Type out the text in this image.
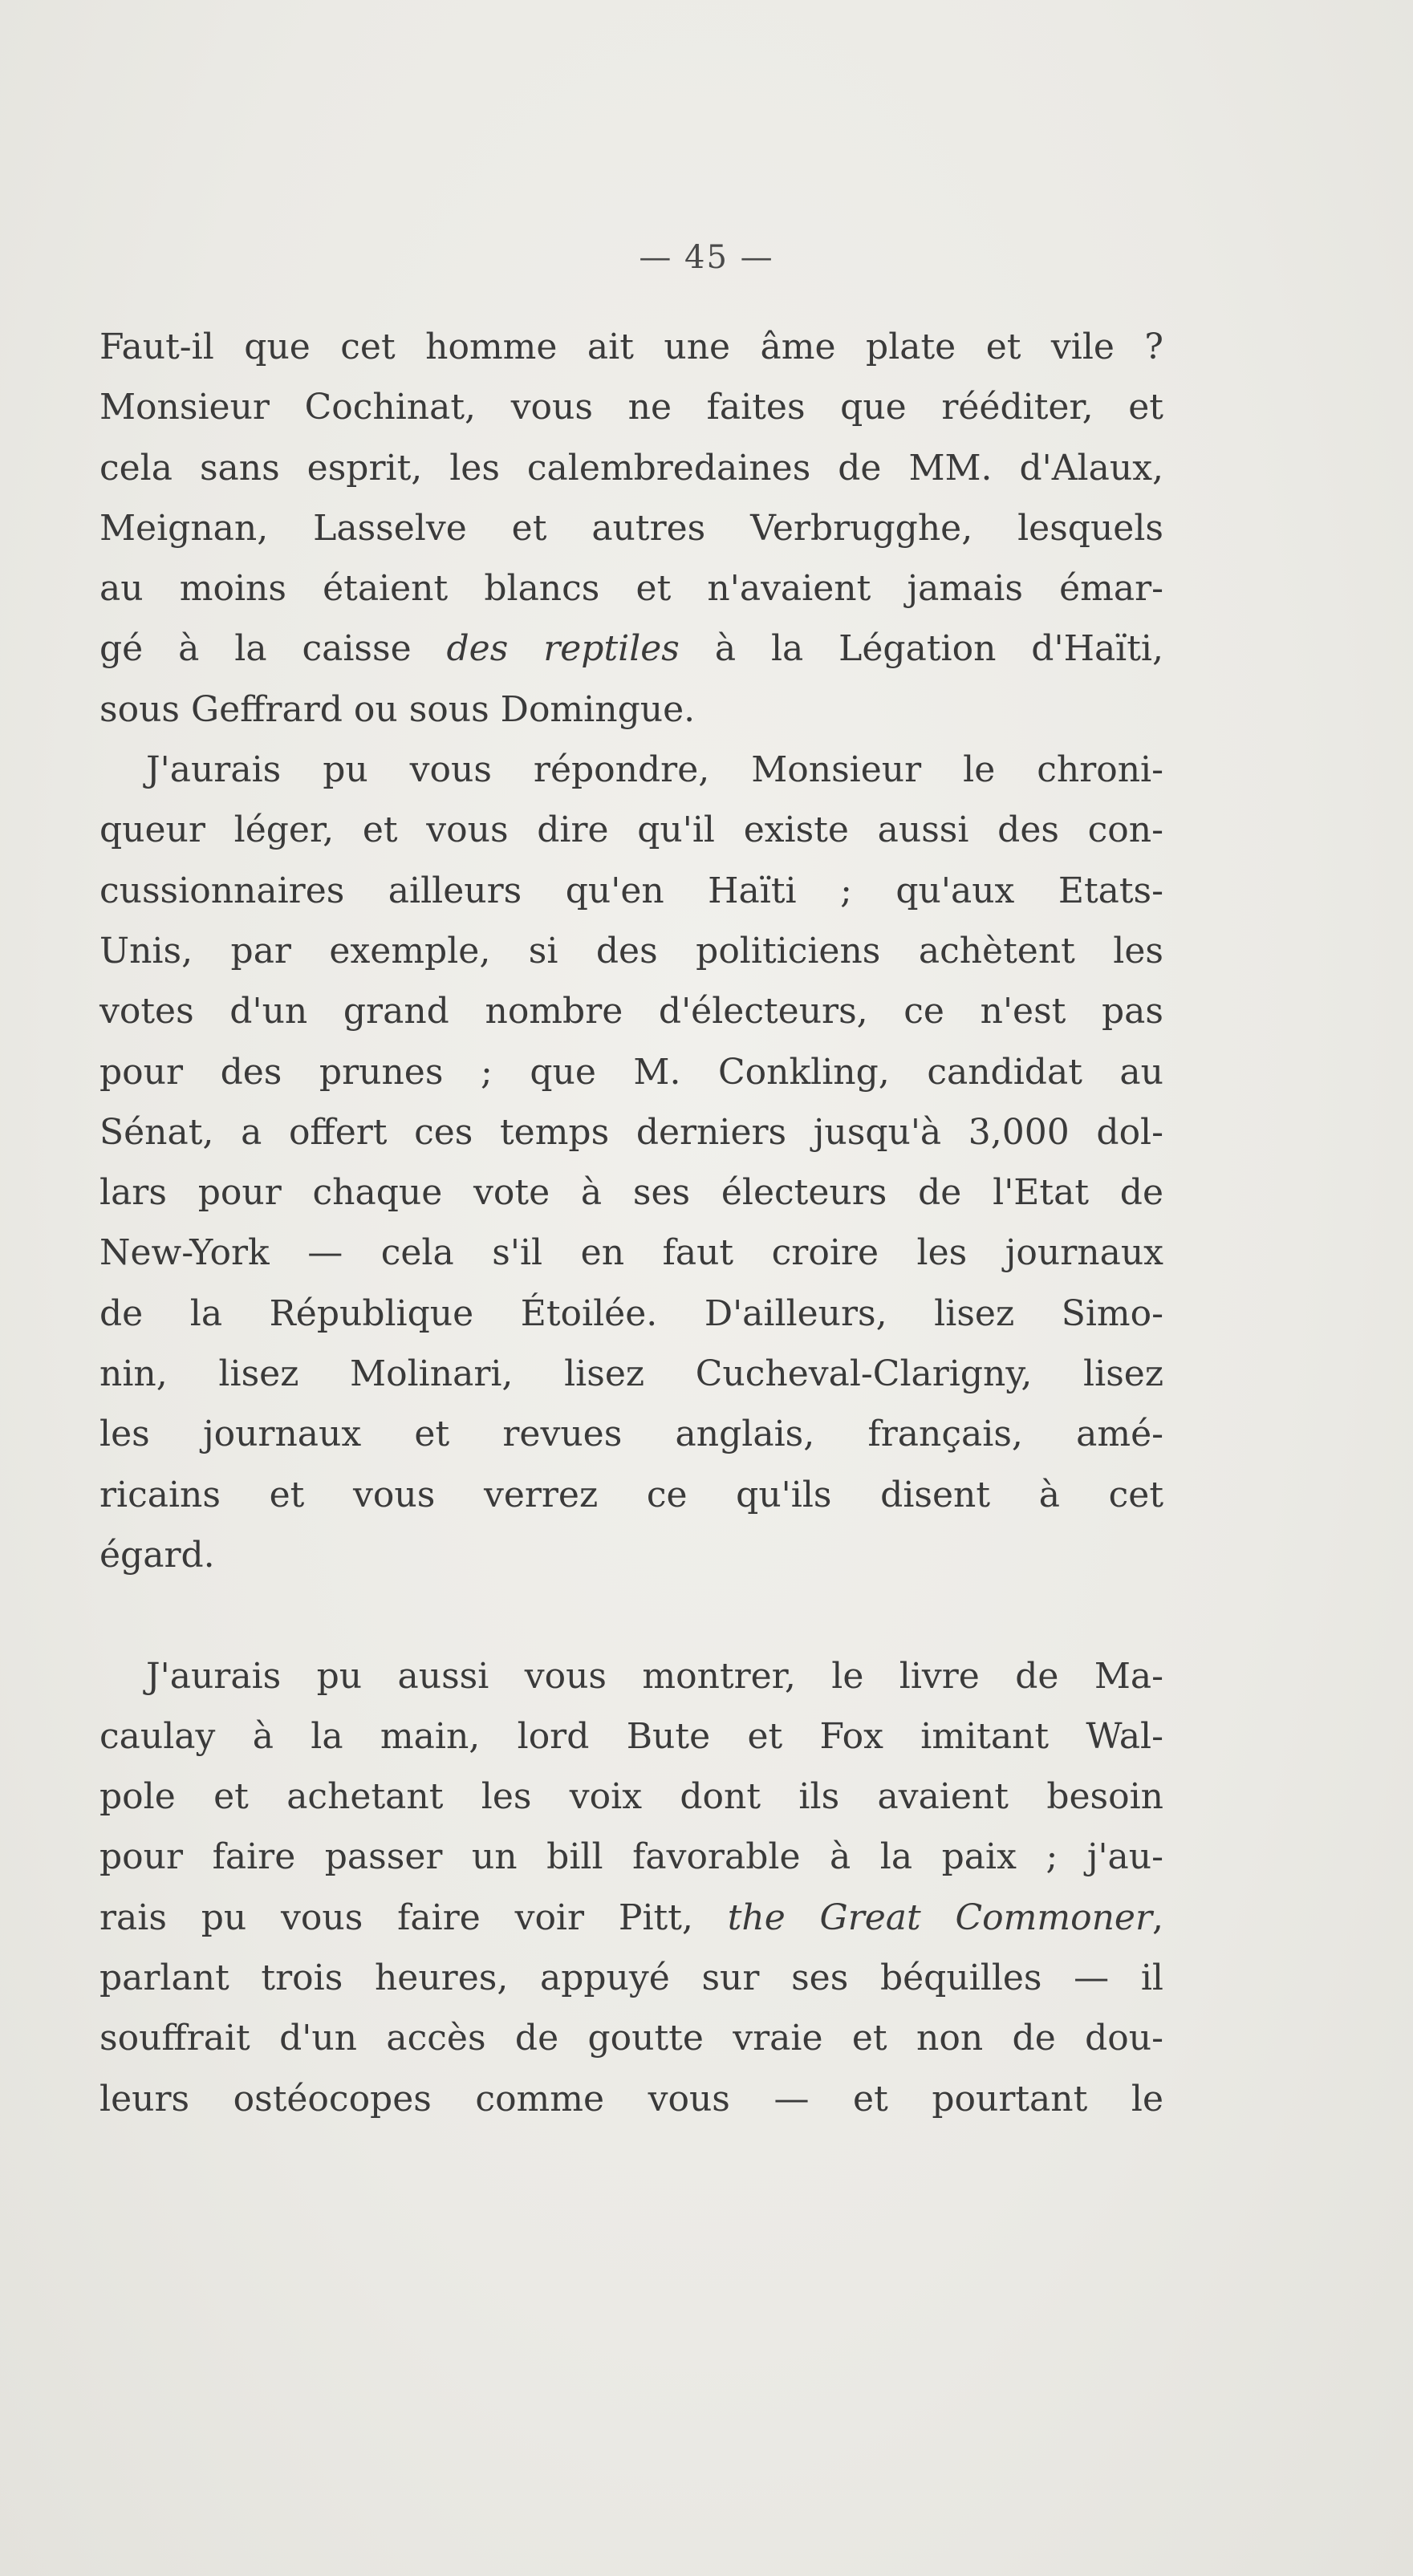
— 45 —
Faut-il que cet homme ait une âme plate et vile ?
Monsieur Cochinat, vous ne faites que rééditer, et
cela sans esprit, les calembredaines de MM. d'Alaux,
Meignan, Lasselve et autres Verbrugghe, lesquels
au moins étaient blancs et n'avaient jamais émar-
gé à la caisse des reptiles à la Légation d'Haïti,
sous Geffrard ou sous Domingue.
J'aurais pu vous répondre, Monsieur le chroni-
queur léger, et vous dire qu'il existe aussi des con-
cussionnaires ailleurs qu'en Haïti ; qu'aux Etats-
Unis, par exemple, si des politiciens achètent les
votes d'un grand nombre d'électeurs, ce n'est pas
pour des prunes ; que M. Conkling, candidat au
Sénat, a offert ces temps derniers jusqu'à 3,000 dol-
lars pour chaque vote à ses électeurs de l'Etat de
New-York — cela s'il en faut croire les journaux
de la République Étoilée. D'ailleurs, lisez Simo-
nin, lisez Molinari, lisez Cucheval-Clarigny, lisez
les journaux et revues anglais, français, amé-
ricains et vous verrez ce qu'ils disent à cet
égard.
J'aurais pu aussi vous montrer, le livre de Ma-
caulay à la main, lord Bute et Fox imitant Wal-
pole et achetant les voix dont ils avaient besoin
pour faire passer un bill favorable à la paix ; j'au-
rais pu vous faire voir Pitt, the Great Commoner,
parlant trois heures, appuyé sur ses béquilles — il
souffrait d'un accès de goutte vraie et non de dou-
leurs ostéocopes comme vous — et pourtant le
